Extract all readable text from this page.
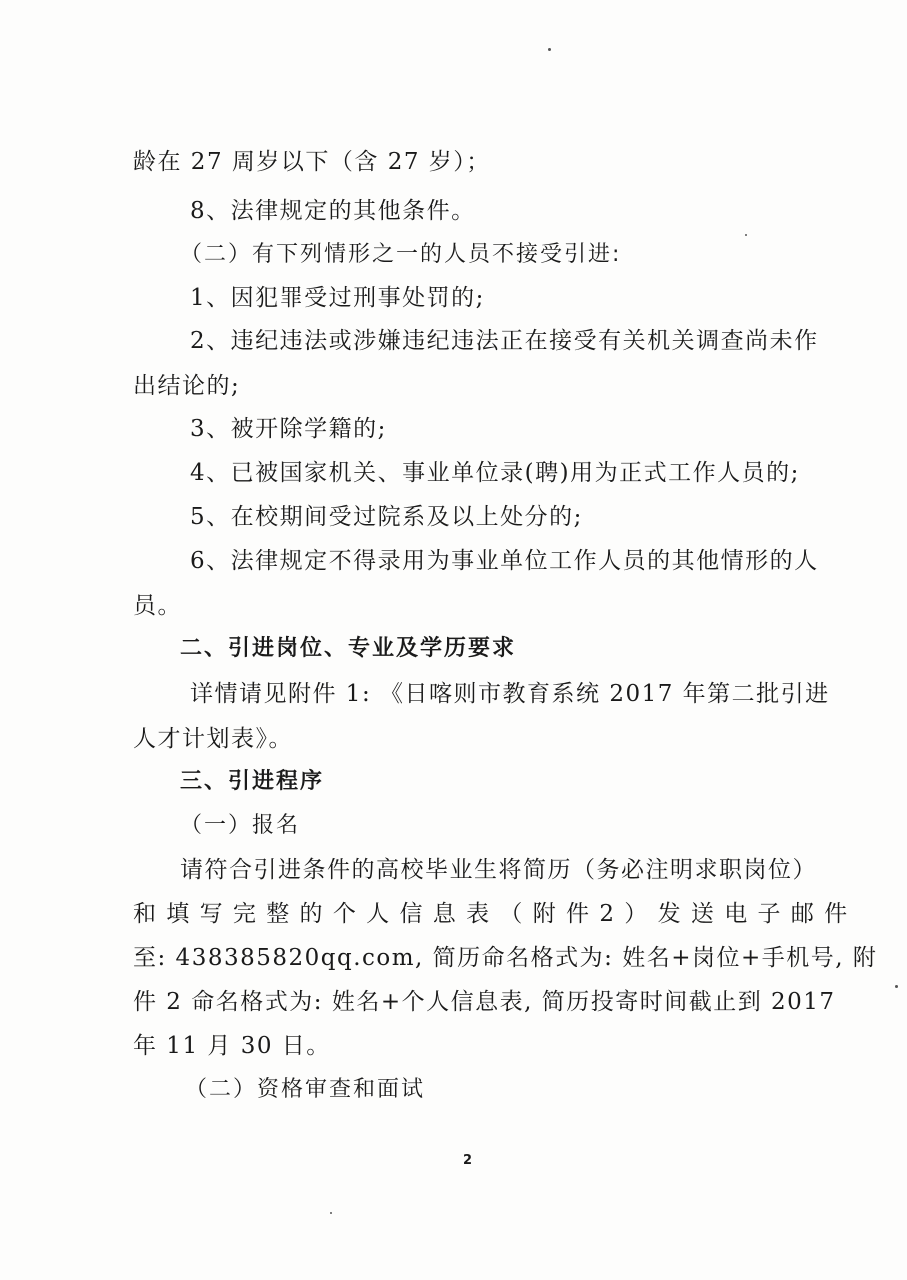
龄在 27 周岁以下（含 27 岁）；
8、法律规定的其他条件。
（二）有下列情形之一的人员不接受引进:
1、因犯罪受过刑事处罚的;
2、违纪违法或涉嫌违纪违法正在接受有关机关调查尚未作
出结论的;
3、被开除学籍的;
4、已被国家机关、事业单位录(聘)用为正式工作人员的;
5、在校期间受过院系及以上处分的;
6、法律规定不得录用为事业单位工作人员的其他情形的人
员。
二、引进岗位、专业及学历要求
详情请见附件 1: 《日喀则市教育系统 2017 年第二批引进
人才计划表》。
三、引进程序
（一）报名
请符合引进条件的高校毕业生将简历（务必注明求职岗位）
和 填 写 完 整 的 个 人 信 息 表 （ 附 件 2 ） 发 送 电 子 邮 件
至: 438385820qq.com, 简历命名格式为: 姓名+岗位+手机号, 附
件 2 命名格式为: 姓名+个人信息表, 简历投寄时间截止到 2017
年 11 月 30 日。
（二）资格审查和面试
2
